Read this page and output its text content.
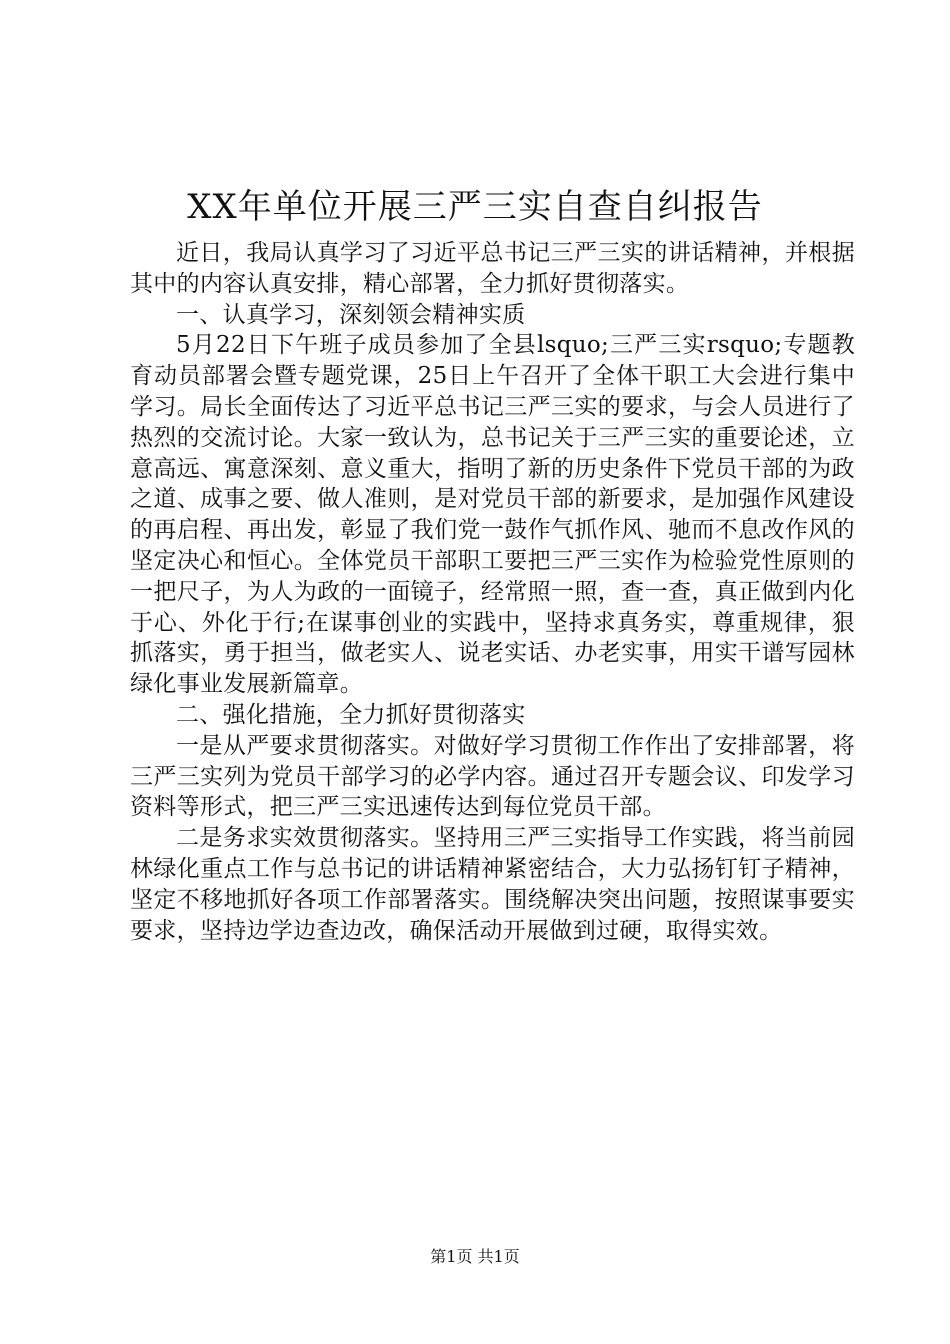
XX年单位开展三严三实自查自纠报告

近日，我局认真学习了习近平总书记三严三实的讲话精神，并根据其中的内容认真安排，精心部署，全力抓好贯彻落实。

一、认真学习，深刻领会精神实质

5月22日下午班子成员参加了全县lsquo;三严三实rsquo;专题教育动员部署会暨专题党课，25日上午召开了全体干职工大会进行集中学习。局长全面传达了习近平总书记三严三实的要求，与会人员进行了热烈的交流讨论。大家一致认为，总书记关于三严三实的重要论述，立意高远、寓意深刻、意义重大，指明了新的历史条件下党员干部的为政之道、成事之要、做人准则，是对党员干部的新要求，是加强作风建设的再启程、再出发，彰显了我们党一鼓作气抓作风、驰而不息改作风的坚定决心和恒心。全体党员干部职工要把三严三实作为检验党性原则的一把尺子，为人为政的一面镜子，经常照一照，查一查，真正做到内化于心、外化于行;在谋事创业的实践中，坚持求真务实，尊重规律，狠抓落实，勇于担当，做老实人、说老实话、办老实事，用实干谱写园林绿化事业发展新篇章。

二、强化措施，全力抓好贯彻落实

一是从严要求贯彻落实。对做好学习贯彻工作作出了安排部署，将三严三实列为党员干部学习的必学内容。通过召开专题会议、印发学习资料等形式，把三严三实迅速传达到每位党员干部。

二是务求实效贯彻落实。坚持用三严三实指导工作实践，将当前园林绿化重点工作与总书记的讲话精神紧密结合，大力弘扬钉钉子精神，坚定不移地抓好各项工作部署落实。围绕解决突出问题，按照谋事要实要求，坚持边学边查边改，确保活动开展做到过硬，取得实效。

第1页 共1页
